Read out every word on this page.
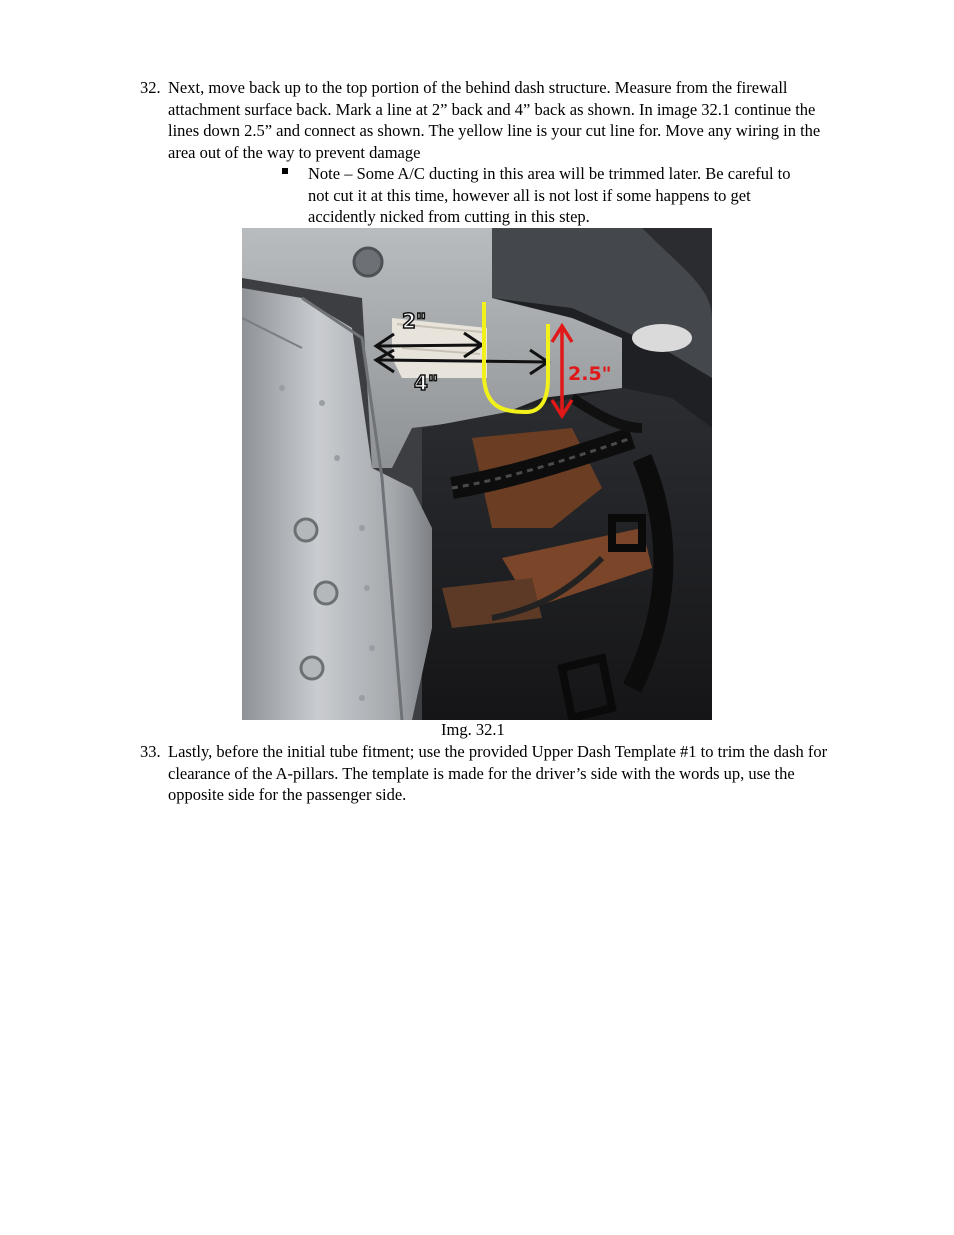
32. Next, move back up to the top portion of the behind dash structure. Measure from the firewall attachment surface back. Mark a line at 2” back and 4” back as shown. In image 32.1 continue the lines down 2.5” and connect as shown. The yellow line is your cut line for. Move any wiring in the area out of the way to prevent damage
Note – Some A/C ducting in this area will be trimmed later. Be careful to not cut it at this time, however all is not lost if some happens to get accidently nicked from cutting in this step.
2"
4"	2.5"
Img. 32.1
33. Lastly, before the initial tube fitment; use the provided Upper Dash Template #1 to trim the dash for clearance of the A-pillars. The template is made for the driver’s side with the words up, use the opposite side for the passenger side.
